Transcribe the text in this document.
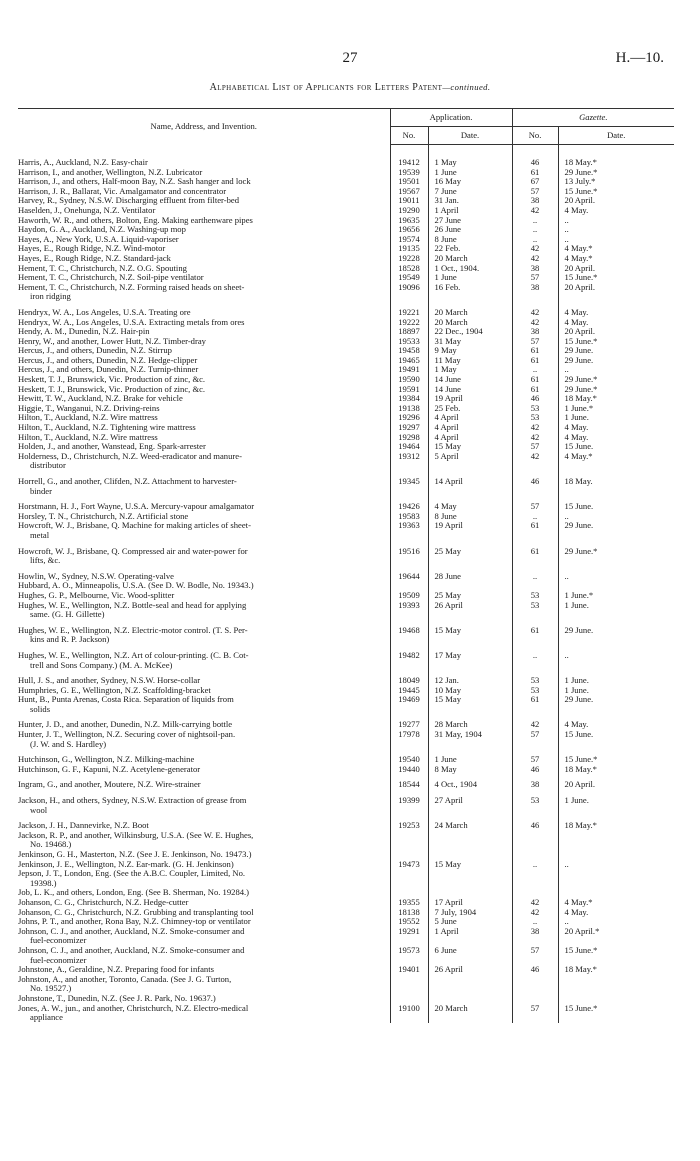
27	H.—10.
Alphabetical List of Applicants for Letters Patent—continued.
Name, Address, and Invention.	Application.		Gazette.	
	No.	Date.	No.	Date.

Harris, A., Auckland, N.Z. Easy-chair	19412	1 May	46	18 May.*

Harrison, I., and another, Wellington, N.Z. Lubricator	19539	1 June	61	29 June.*

Harrison, J., and others, Half-moon Bay, N.Z. Sash hanger and lock	19501	16 May	67	13 July.*

Harrison, J. R., Ballarat, Vic. Amalgamator and concentrator	19567	7 June	57	15 June.*

Harvey, R., Sydney, N.S.W. Discharging effluent from filter-bed	19011	31 Jan.	38	20 April.

Haselden, J., Onehunga, N.Z. Ventilator	19290	1 April	42	4 May.

Haworth, W. R., and others, Bolton, Eng. Making earthenware pipes	19635	27 June	..	..

Haydon, G. A., Auckland, N.Z. Washing-up mop	19656	26 June	..	..

Hayes, A., New York, U.S.A. Liquid-vaporiser	19574	8 June	..	..

Hayes, E., Rough Ridge, N.Z. Wind-motor	19135	22 Feb.	42	4 May.*

Hayes, E., Rough Ridge, N.Z. Standard-jack	19228	20 March	42	4 May.*

Hement, T. C., Christchurch, N.Z. O.G. Spouting	18528	1 Oct., 1904.	38	20 April.

Hement, T. C., Christchurch, N.Z. Soil-pipe ventilator	19549	1 June	57	15 June.*

Hement, T. C., Christchurch, N.Z. Forming raised heads on sheet-
iron ridging	19096	16 Feb.	38	20 April.

Hendryx, W. A., Los Angeles, U.S.A. Treating ore	19221	20 March	42	4 May.

Hendryx, W. A., Los Angeles, U.S.A. Extracting metals from ores	19222	20 March	42	4 May.

Hendy, A. M., Dunedin, N.Z. Hair-pin	18897	22 Dec., 1904	38	20 April.

Henry, W., and another, Lower Hutt, N.Z. Timber-dray	19533	31 May	57	15 June.*

Hercus, J., and others, Dunedin, N.Z. Stirrup	19458	9 May	61	29 June.

Hercus, J., and others, Dunedin, N.Z. Hedge-clipper	19465	11 May	61	29 June.

Hercus, J., and others, Dunedin, N.Z. Turnip-thinner	19491	1 May	..	..

Heskett, T. J., Brunswick, Vic. Production of zinc, &c.	19590	14 June	61	29 June.*

Heskett, T. J., Brunswick, Vic. Production of zinc, &c.	19591	14 June	61	29 June.*

Hewitt, T. W., Auckland, N.Z. Brake for vehicle	19384	19 April	46	18 May.*

Higgie, T., Wanganui, N.Z. Driving-reins	19138	25 Feb.	53	1 June.*

Hilton, T., Auckland, N.Z. Wire mattress	19296	4 April	53	1 June.

Hilton, T., Auckland, N.Z. Tightening wire mattress	19297	4 April	42	4 May.

Hilton, T., Auckland, N.Z. Wire mattress	19298	4 April	42	4 May.

Holden, J., and another, Wanstead, Eng. Spark-arrester	19464	15 May	57	15 June.

Holderness, D., Christchurch, N.Z. Weed-eradicator and manure-
distributor	19312	5 April	42	4 May.*

Horrell, G., and another, Clifden, N.Z. Attachment to harvester-
binder	19345	14 April	46	18 May.

Horstmann, H. J., Fort Wayne, U.S.A. Mercury-vapour amalgamator	19426	4 May	57	15 June.

Horsley, T. N., Christchurch, N.Z. Artificial stone	19583	8 June	..	..

Howcroft, W. J., Brisbane, Q. Machine for making articles of sheet-
metal	19363	19 April	61	29 June.

Howcroft, W. J., Brisbane, Q. Compressed air and water-power for
lifts, &c.	19516	25 May	61	29 June.*

Howlin, W., Sydney, N.S.W. Operating-valve	19644	28 June	..	..

Hubbard, A. O., Minneapolis, U.S.A. (See D. W. Bodle, No. 19343.)				

Hughes, G. P., Melbourne, Vic. Wood-splitter	19509	25 May	53	1 June.*

Hughes, W. E., Wellington, N.Z. Bottle-seal and head for applying
same. (G. H. Gillette)	19393	26 April	53	1 June.

Hughes, W. E., Wellington, N.Z. Electric-motor control. (T. S. Per-
kins and R. P. Jackson)	19468	15 May	61	29 June.

Hughes, W. E., Wellington, N.Z. Art of colour-printing. (C. B. Cot-
trell and Sons Company.) (M. A. McKee)	19482	17 May	..	..

Hull, J. S., and another, Sydney, N.S.W. Horse-collar	18049	12 Jan.	53	1 June.

Humphries, G. E., Wellington, N.Z. Scaffolding-bracket	19445	10 May	53	1 June.

Hunt, B., Punta Arenas, Costa Rica. Separation of liquids from
solids	19469	15 May	61	29 June.

Hunter, J. D., and another, Dunedin, N.Z. Milk-carrying bottle	19277	28 March	42	4 May.

Hunter, J. T., Wellington, N.Z. Securing cover of nightsoil-pan.
(J. W. and S. Hardley)	17978	31 May, 1904	57	15 June.

Hutchinson, G., Wellington, N.Z. Milking-machine	19540	1 June	57	15 June.*

Hutchinson, G. F., Kapuni, N.Z. Acetylene-generator	19440	8 May	46	18 May.*

Ingram, G., and another, Moutere, N.Z. Wire-strainer	18544	4 Oct., 1904	38	20 April.

Jackson, H., and others, Sydney, N.S.W. Extraction of grease from
wool	19399	27 April	53	1 June.

Jackson, J. H., Dannevirke, N.Z. Boot	19253	24 March	46	18 May.*

Jackson, R. P., and another, Wilkinsburg, U.S.A. (See W. E. Hughes,
No. 19468.)				

Jenkinson, G. H., Masterton, N.Z. (See J. E. Jenkinson, No. 19473.)				

Jenkinson, J. E., Wellington, N.Z. Ear-mark. (G. H. Jenkinson)	19473	15 May	..	..

Jepson, J. T., London, Eng. (See the A.B.C. Coupler, Limited, No.
19398.)				

Job, L. K., and others, London, Eng. (See B. Sherman, No. 19284.)				

Johanson, C. G., Christchurch, N.Z. Hedge-cutter	19355	17 April	42	4 May.*

Johanson, C. G., Christchurch, N.Z. Grubbing and transplanting tool	18138	7 July, 1904	42	4 May.

Johns, P. T., and another, Rona Bay, N.Z. Chimney-top or ventilator	19552	5 June	..	..

Johnson, C. J., and another, Auckland, N.Z. Smoke-consumer and
fuel-economizer	19291	1 April	38	20 April.*

Johnson, C. J., and another, Auckland, N.Z. Smoke-consumer and
fuel-economizer	19573	6 June	57	15 June.*

Johnstone, A., Geraldine, N.Z. Preparing food for infants	19401	26 April	46	18 May.*

Johnston, A., and another, Toronto, Canada. (See J. G. Turton,
No. 19527.)				

Johnstone, T., Dunedin, N.Z. (See J. R. Park, No. 19637.)				

Jones, A. W., jun., and another, Christchurch, N.Z. Electro-medical
appliance	19100	20 March	57	15 June.*
